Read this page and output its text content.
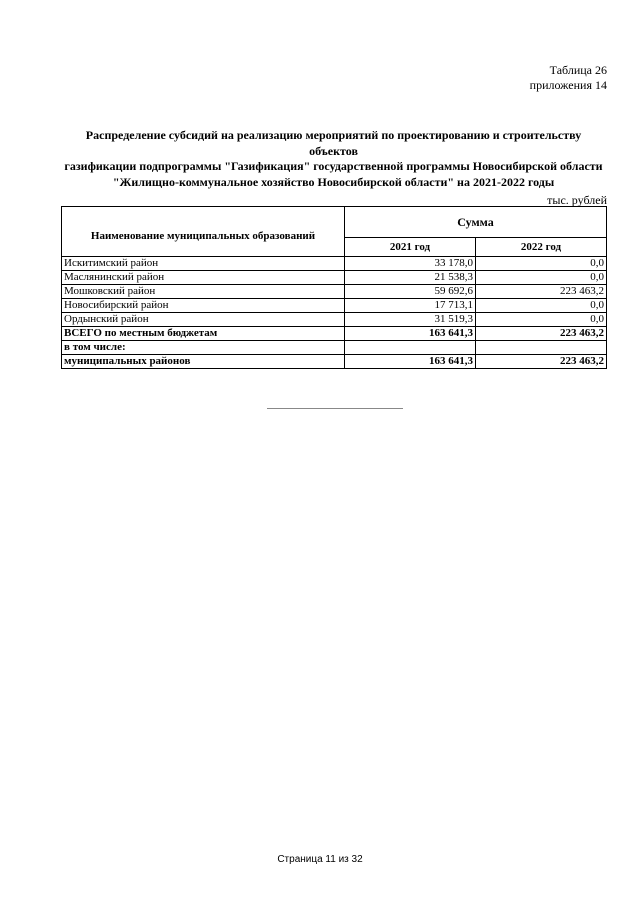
Таблица 26
приложения 14
Распределение субсидий на реализацию мероприятий по проектированию и строительству объектов
газификации подпрограммы "Газификация" государственной программы Новосибирской области
"Жилищно-коммунальное хозяйство Новосибирской области" на 2021-2022 годы
тыс. рублей
Наименование муниципальных образований	Сумма	
	2021 год	2022 год
Искитимский район	33 178,0	0,0
Маслянинский район	21 538,3	0,0
Мошковский район	59 692,6	223 463,2
Новосибирский район	17 713,1	0,0
Ордынский район	31 519,3	0,0
ВСЕГО по местным бюджетам	163 641,3	223 463,2
в том числе:		
муниципальных районов	163 641,3	223 463,2
Страница 11 из 32
